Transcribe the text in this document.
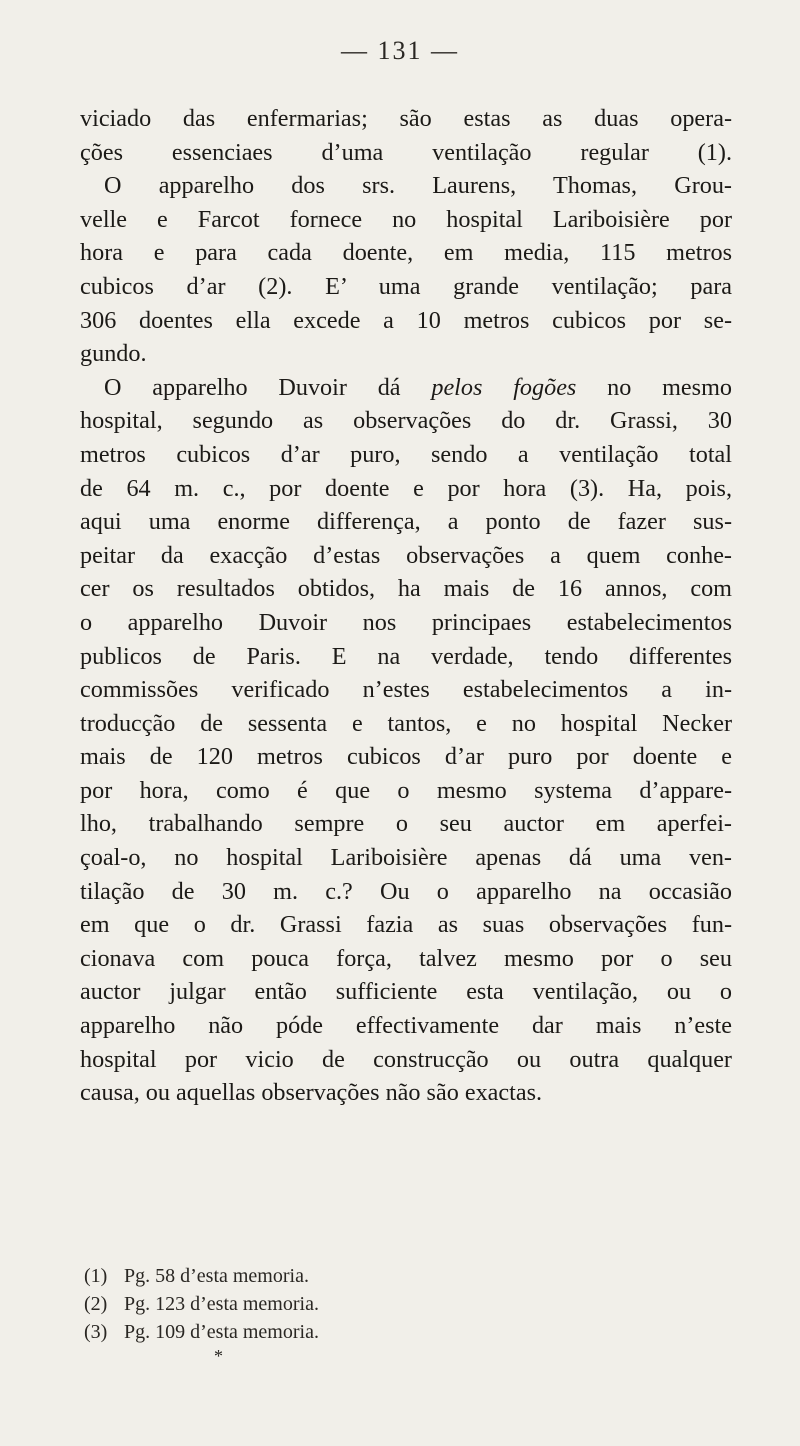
— 131 —
viciado das enfermarias; são estas as duas opera-
ções essenciaes d’uma ventilação regular (1).
O apparelho dos srs. Laurens, Thomas, Grou-
velle e Farcot fornece no hospital Lariboisière por
hora e para cada doente, em media, 115 metros
cubicos d’ar (2). E’ uma grande ventilação; para
306 doentes ella excede a 10 metros cubicos por se-
gundo.
O apparelho Duvoir dá pelos fogões no mesmo
hospital, segundo as observações do dr. Grassi, 30
metros cubicos d’ar puro, sendo a ventilação total
de 64 m. c., por doente e por hora (3). Ha, pois,
aqui uma enorme differença, a ponto de fazer sus-
peitar da exacção d’estas observações a quem conhe-
cer os resultados obtidos, ha mais de 16 annos, com
o apparelho Duvoir nos principaes estabelecimentos
publicos de Paris. E na verdade, tendo differentes
commissões verificado n’estes estabelecimentos a in-
troducção de sessenta e tantos, e no hospital Necker
mais de 120 metros cubicos d’ar puro por doente e
por hora, como é que o mesmo systema d’appare-
lho, trabalhando sempre o seu auctor em aperfei-
çoal-o, no hospital Lariboisière apenas dá uma ven-
tilação de 30 m. c.? Ou o apparelho na occasião
em que o dr. Grassi fazia as suas observações fun-
cionava com pouca força, talvez mesmo por o seu
auctor julgar então sufficiente esta ventilação, ou o
apparelho não póde effectivamente dar mais n’este
hospital por vicio de construcção ou outra qualquer
causa, ou aquellas observações não são exactas.
(1) Pg. 58 d’esta memoria.
(2) Pg. 123 d’esta memoria.
(3) Pg. 109 d’esta memoria.
*
